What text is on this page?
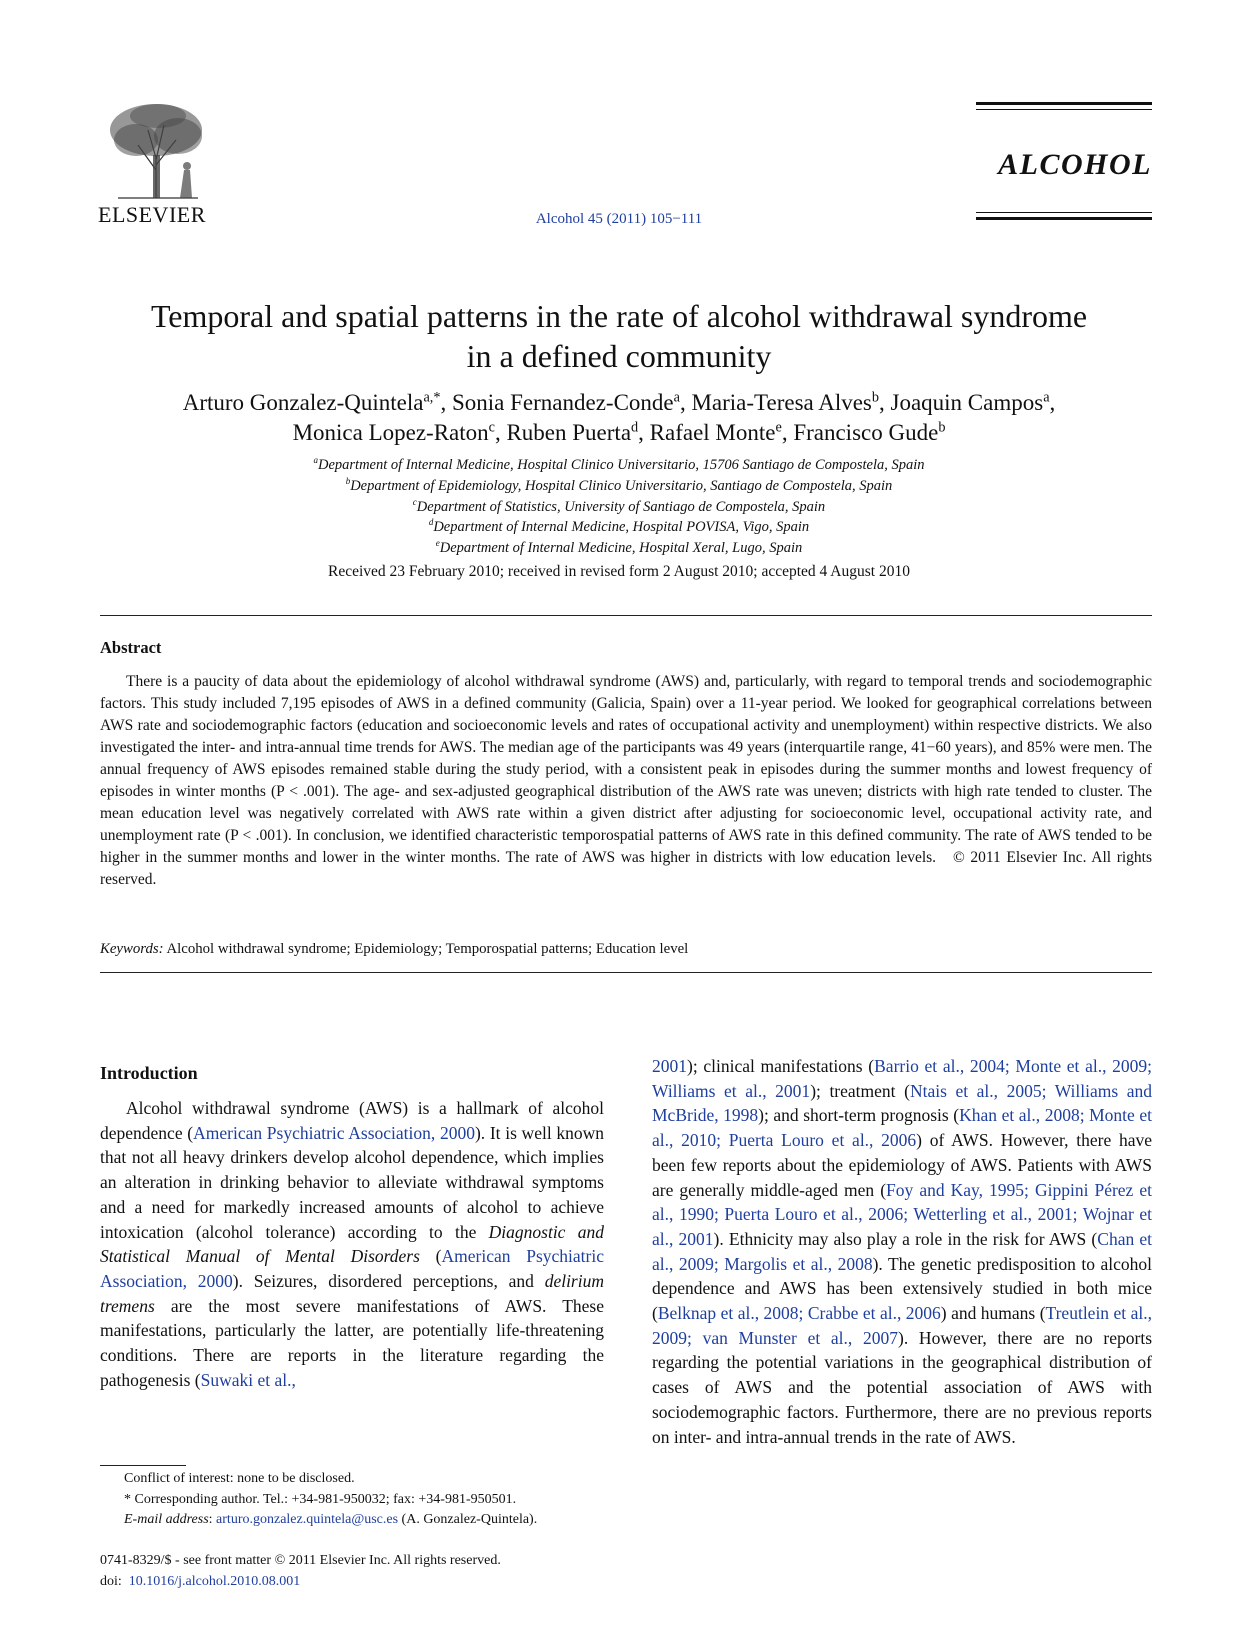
ELSEVIER	Alcohol 45 (2011) 105−111
ALCOHOL
Temporal and spatial patterns in the rate of alcohol withdrawal syndrome
in a defined community
Arturo Gonzalez-Quintela$^{a,*}$, Sonia Fernandez-Conde$^a$, Maria-Teresa Alves$^b$, Joaquin Campos$^a$,
Monica Lopez-Raton$^c$, Ruben Puerta$^d$, Rafael Monte$^e$, Francisco Gude$^b$
$^a$Department of Internal Medicine, Hospital Clinico Universitario, 15706 Santiago de Compostela, Spain
$^b$Department of Epidemiology, Hospital Clinico Universitario, Santiago de Compostela, Spain
$^c$Department of Statistics, University of Santiago de Compostela, Spain
$^d$Department of Internal Medicine, Hospital POVISA, Vigo, Spain
$^e$Department of Internal Medicine, Hospital Xeral, Lugo, Spain
Received 23 February 2010; received in revised form 2 August 2010; accepted 4 August 2010
Abstract
There is a paucity of data about the epidemiology of alcohol withdrawal syndrome (AWS) and, particularly, with regard to temporal trends and sociodemographic factors. This study included 7,195 episodes of AWS in a defined community (Galicia, Spain) over a 11-year period. We looked for geographical correlations between AWS rate and sociodemographic factors (education and socioeconomic levels and rates of occupational activity and unemployment) within respective districts. We also investigated the inter- and intra-annual time trends for AWS. The median age of the participants was 49 years (interquartile range, 41−60 years), and 85% were men. The annual frequency of AWS episodes remained stable during the study period, with a consistent peak in episodes during the summer months and lowest frequency of episodes in winter months (P < .001). The age- and sex-adjusted geographical distribution of the AWS rate was uneven; districts with high rate tended to cluster. The mean education level was negatively correlated with AWS rate within a given district after adjusting for socioeconomic level, occupational activity rate, and unemployment rate (P < .001). In conclusion, we identified characteristic temporospatial patterns of AWS rate in this defined community. The rate of AWS tended to be higher in the summer months and lower in the winter months. The rate of AWS was higher in districts with low education levels. © 2011 Elsevier Inc. All rights reserved.
Keywords: Alcohol withdrawal syndrome; Epidemiology; Temporospatial patterns; Education level
Introduction
Alcohol withdrawal syndrome (AWS) is a hallmark of alcohol dependence (American Psychiatric Association, 2000). It is well known that not all heavy drinkers develop alcohol dependence, which implies an alteration in drinking behavior to alleviate withdrawal symptoms and a need for markedly increased amounts of alcohol to achieve intoxication (alcohol tolerance) according to the Diagnostic and Statistical Manual of Mental Disorders (American Psychiatric Association, 2000). Seizures, disordered perceptions, and delirium tremens are the most severe manifestations of AWS. These manifestations, particularly the latter, are potentially life-threatening conditions. There are reports in the literature regarding the pathogenesis (Suwaki et al.,
2001); clinical manifestations (Barrio et al., 2004; Monte et al., 2009; Williams et al., 2001); treatment (Ntais et al., 2005; Williams and McBride, 1998); and short-term prognosis (Khan et al., 2008; Monte et al., 2010; Puerta Louro et al., 2006) of AWS. However, there have been few reports about the epidemiology of AWS. Patients with AWS are generally middle-aged men (Foy and Kay, 1995; Gippini Pérez et al., 1990; Puerta Louro et al., 2006; Wetterling et al., 2001; Wojnar et al., 2001). Ethnicity may also play a role in the risk for AWS (Chan et al., 2009; Margolis et al., 2008). The genetic predisposition to alcohol dependence and AWS has been extensively studied in both mice (Belknap et al., 2008; Crabbe et al., 2006) and humans (Treutlein et al., 2009; van Munster et al., 2007). However, there are no reports regarding the potential variations in the geographical distribution of cases of AWS and the potential association of AWS with sociodemographic factors. Furthermore, there are no previous reports on inter- and intra-annual trends in the rate of AWS.
Conflict of interest: none to be disclosed.
* Corresponding author. Tel.: +34-981-950032; fax: +34-981-950501.
E-mail address: arturo.gonzalez.quintela@usc.es (A. Gonzalez-Quintela).
0741-8329/$ - see front matter © 2011 Elsevier Inc. All rights reserved.
doi: 10.1016/j.alcohol.2010.08.001
